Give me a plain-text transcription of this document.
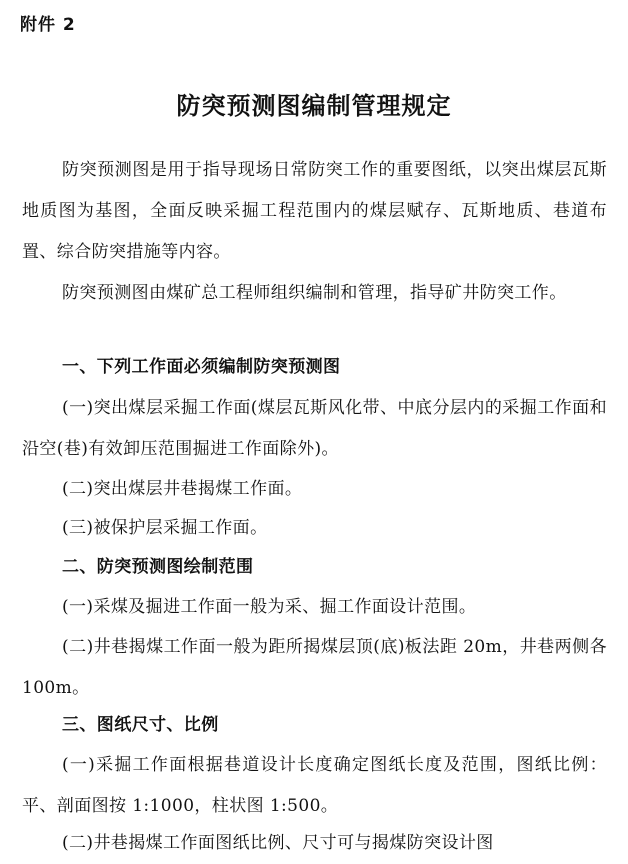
附件 2
防突预测图编制管理规定
防突预测图是用于指导现场日常防突工作的重要图纸，以突出煤层瓦斯地质图为基图，全面反映采掘工程范围内的煤层赋存、瓦斯地质、巷道布置、综合防突措施等内容。
防突预测图由煤矿总工程师组织编制和管理，指导矿井防突工作。
一、下列工作面必须编制防突预测图
(一)突出煤层采掘工作面(煤层瓦斯风化带、中底分层内的采掘工作面和沿空(巷)有效卸压范围掘进工作面除外)。
(二)突出煤层井巷揭煤工作面。
(三)被保护层采掘工作面。
二、防突预测图绘制范围
(一)采煤及掘进工作面一般为采、掘工作面设计范围。
(二)井巷揭煤工作面一般为距所揭煤层顶(底)板法距 20m，井巷两侧各 100m。
三、图纸尺寸、比例
(一)采掘工作面根据巷道设计长度确定图纸长度及范围，图纸比例：平、剖面图按 1:1000，柱状图 1:500。
(二)井巷揭煤工作面图纸比例、尺寸可与揭煤防突设计图
